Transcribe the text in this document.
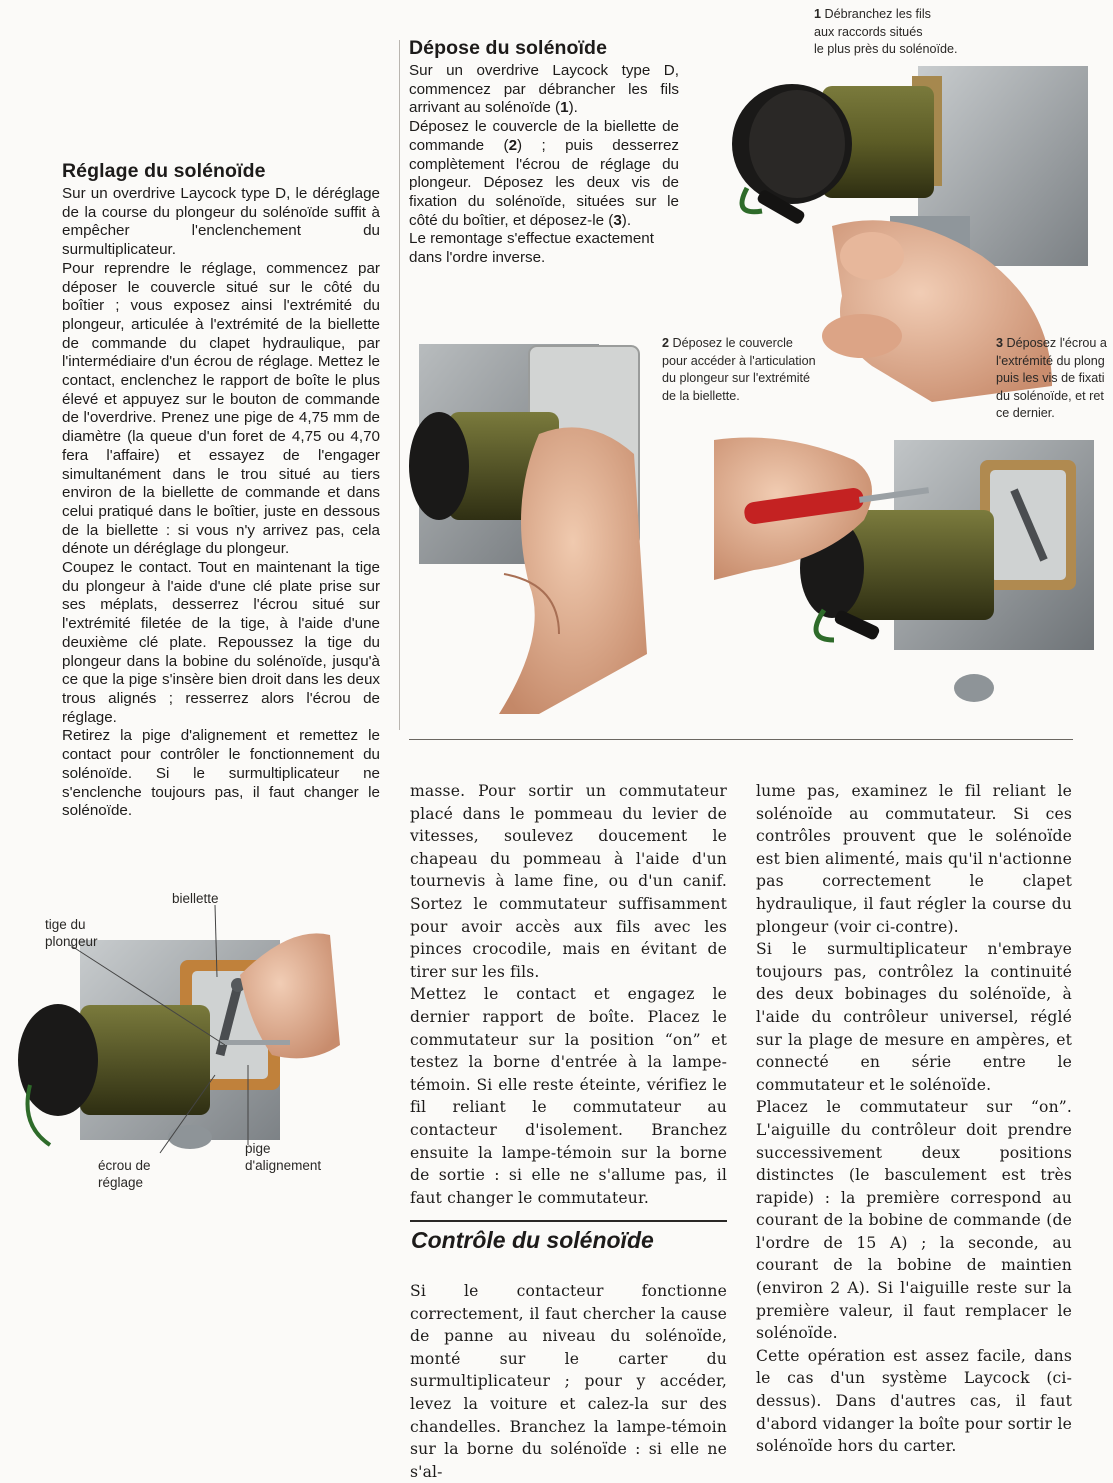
Réglage du solénoïde

Sur un overdrive Laycock type D, le déréglage de la course du plongeur du solénoïde suffit à empêcher l'enclenchement du surmultiplicateur.

Pour reprendre le réglage, commencez par déposer le couvercle situé sur le côté du boîtier ; vous exposez ainsi l'extrémité du plongeur, articulée à l'extrémité de la biellette de commande du clapet hydraulique, par l'intermédiaire d'un écrou de réglage. Mettez le contact, enclenchez le rapport de boîte le plus élevé et appuyez sur le bouton de commande de l'overdrive. Prenez une pige de 4,75 mm de diamètre (la queue d'un foret de 4,75 ou 4,70 fera l'affaire) et essayez de l'engager simultanément dans le trou situé au tiers environ de la biellette de commande et dans celui pratiqué dans le boîtier, juste en dessous de la biellette : si vous n'y arrivez pas, cela dénote un déréglage du plongeur.

Coupez le contact. Tout en maintenant la tige du plongeur à l'aide d'une clé plate prise sur ses méplats, desserrez l'écrou situé sur l'extrémité filetée de la tige, à l'aide d'une deuxième clé plate. Repoussez la tige du plongeur dans la bobine du solénoïde, jusqu'à ce que la pige s'insère bien droit dans les deux trous alignés ; resserrez alors l'écrou de réglage.

Retirez la pige d'alignement et remettez le contact pour contrôler le fonctionnement du solénoïde. Si le surmultiplicateur ne s'enclenche toujours pas, il faut changer le solénoïde.

Dépose du solénoïde

Sur un overdrive Laycock type D, commencez par débrancher les fils arrivant au solénoïde (1).

Déposez le couvercle de la biellette de commande (2) ; puis desserrez complètement l'écrou de réglage du plongeur. Déposez les deux vis de fixation du solénoïde, situées sur le côté du boîtier, et déposez-le (3).

Le remontage s'effectue exactement dans l'ordre inverse.

1 Débranchez les fils
aux raccords situés
le plus près du solénoïde.
2 Déposez le couvercle
pour accéder à l'articulation
du plongeur sur l'extrémité
de la biellette.
3 Déposez l'écrou a
l'extrémité du plong
puis les vis de fixati
du solénoïde, et ret
ce dernier.
biellette
tige du
plongeur
écrou de
réglage
pige
d'alignement

masse. Pour sortir un commutateur placé dans le pommeau du levier de vitesses, soulevez doucement le chapeau du pommeau à l'aide d'un tournevis à lame fine, ou d'un canif. Sortez le commutateur suffisamment pour avoir accès aux fils avec les pinces crocodile, mais en évitant de tirer sur les fils.

Mettez le contact et engagez le dernier rapport de boîte. Placez le commutateur sur la position “on” et testez la borne d'entrée à la lampe-témoin. Si elle reste éteinte, vérifiez le fil reliant le commutateur au contacteur d'isolement. Branchez ensuite la lampe-témoin sur la borne de sortie : si elle ne s'allume pas, il faut changer le commutateur.

Contrôle du solénoïde

Si le contacteur fonctionne correctement, il faut chercher la cause de panne au niveau du solénoïde, monté sur le carter du surmultiplicateur ; pour y accéder, levez la voiture et calez-la sur des chandelles. Branchez la lampe-témoin sur la borne du solénoïde : si elle ne s'al-

lume pas, examinez le fil reliant le solénoïde au commutateur. Si ces contrôles prouvent que le solénoïde est bien alimenté, mais qu'il n'actionne pas correctement le clapet hydraulique, il faut régler la course du plongeur (voir ci-contre).

Si le surmultiplicateur n'embraye toujours pas, contrôlez la continuité des deux bobinages du solénoïde, à l'aide du contrôleur universel, réglé sur la plage de mesure en ampères, et connecté en série entre le commutateur et le solénoïde.

Placez le commutateur sur “on”. L'aiguille du contrôleur doit prendre successivement deux positions distinctes (le basculement est très rapide) : la première correspond au courant de la bobine de commande (de l'ordre de 15 A) ; la seconde, au courant de la bobine de maintien (environ 2 A). Si l'aiguille reste sur la première valeur, il faut remplacer le solénoïde.

Cette opération est assez facile, dans le cas d'un système Laycock (ci-dessus). Dans d'autres cas, il faut d'abord vidanger la boîte pour sortir le solénoïde hors du carter.
